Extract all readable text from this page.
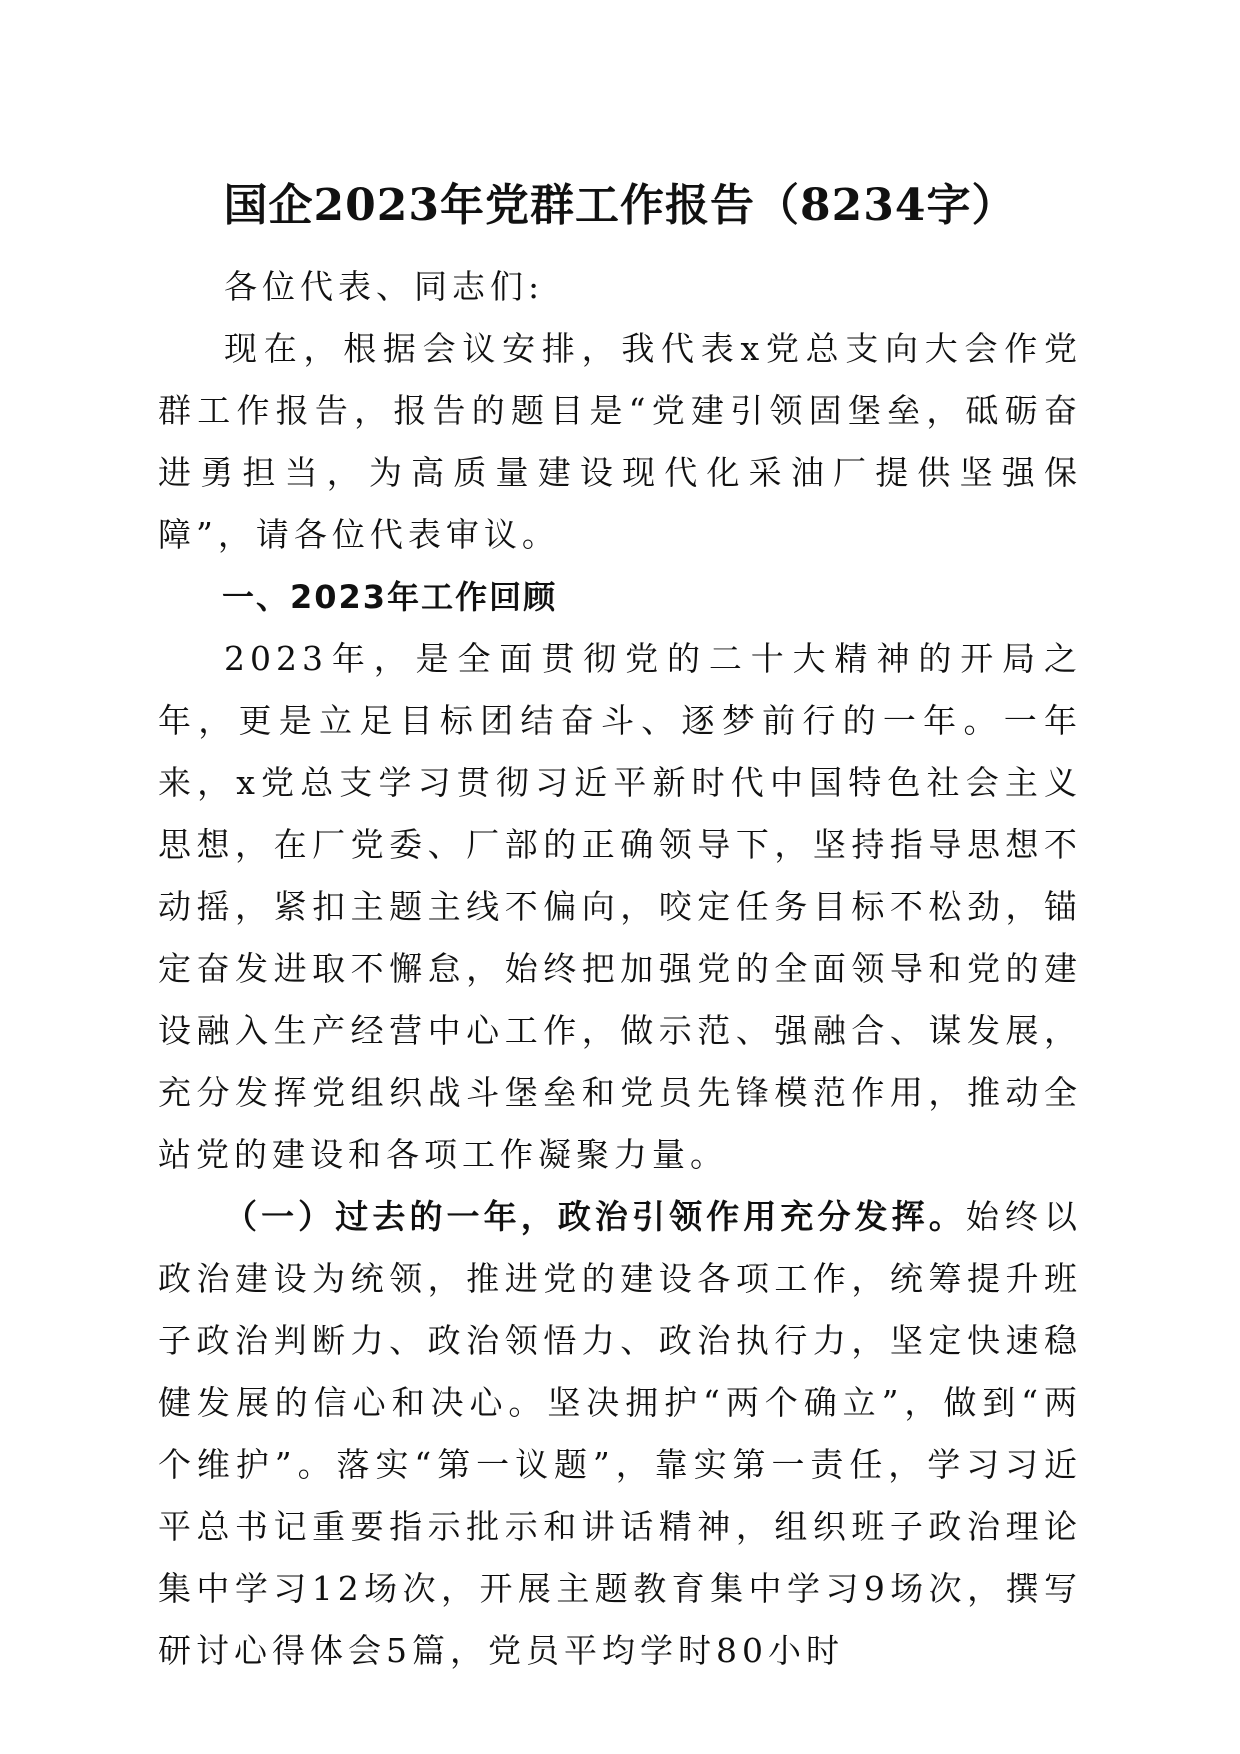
国企2023年党群工作报告（8234字）

各位代表、同志们:

现在，根据会议安排，我代表x党总支向大会作党群工作报告，报告的题目是“党建引领固堡垒，砥砺奋进勇担当，为高质量建设现代化采油厂提供坚强保障”，请各位代表审议。

一、2023年工作回顾

2023年，是全面贯彻党的二十大精神的开局之年，更是立足目标团结奋斗、逐梦前行的一年。一年来，x党总支学习贯彻习近平新时代中国特色社会主义思想，在厂党委、厂部的正确领导下，坚持指导思想不动摇，紧扣主题主线不偏向，咬定任务目标不松劲，锚定奋发进取不懈怠，始终把加强党的全面领导和党的建设融入生产经营中心工作，做示范、强融合、谋发展，充分发挥党组织战斗堡垒和党员先锋模范作用，推动全站党的建设和各项工作凝聚力量。

（一）过去的一年，政治引领作用充分发挥。始终以政治建设为统领，推进党的建设各项工作，统筹提升班子政治判断力、政治领悟力、政治执行力，坚定快速稳健发展的信心和决心。坚决拥护“两个确立”，做到“两个维护”。落实“第一议题”，靠实第一责任，学习习近平总书记重要指示批示和讲话精神，组织班子政治理论集中学习12场次，开展主题教育集中学习9场次，撰写研讨心得体会5篇，党员平均学时80小时
